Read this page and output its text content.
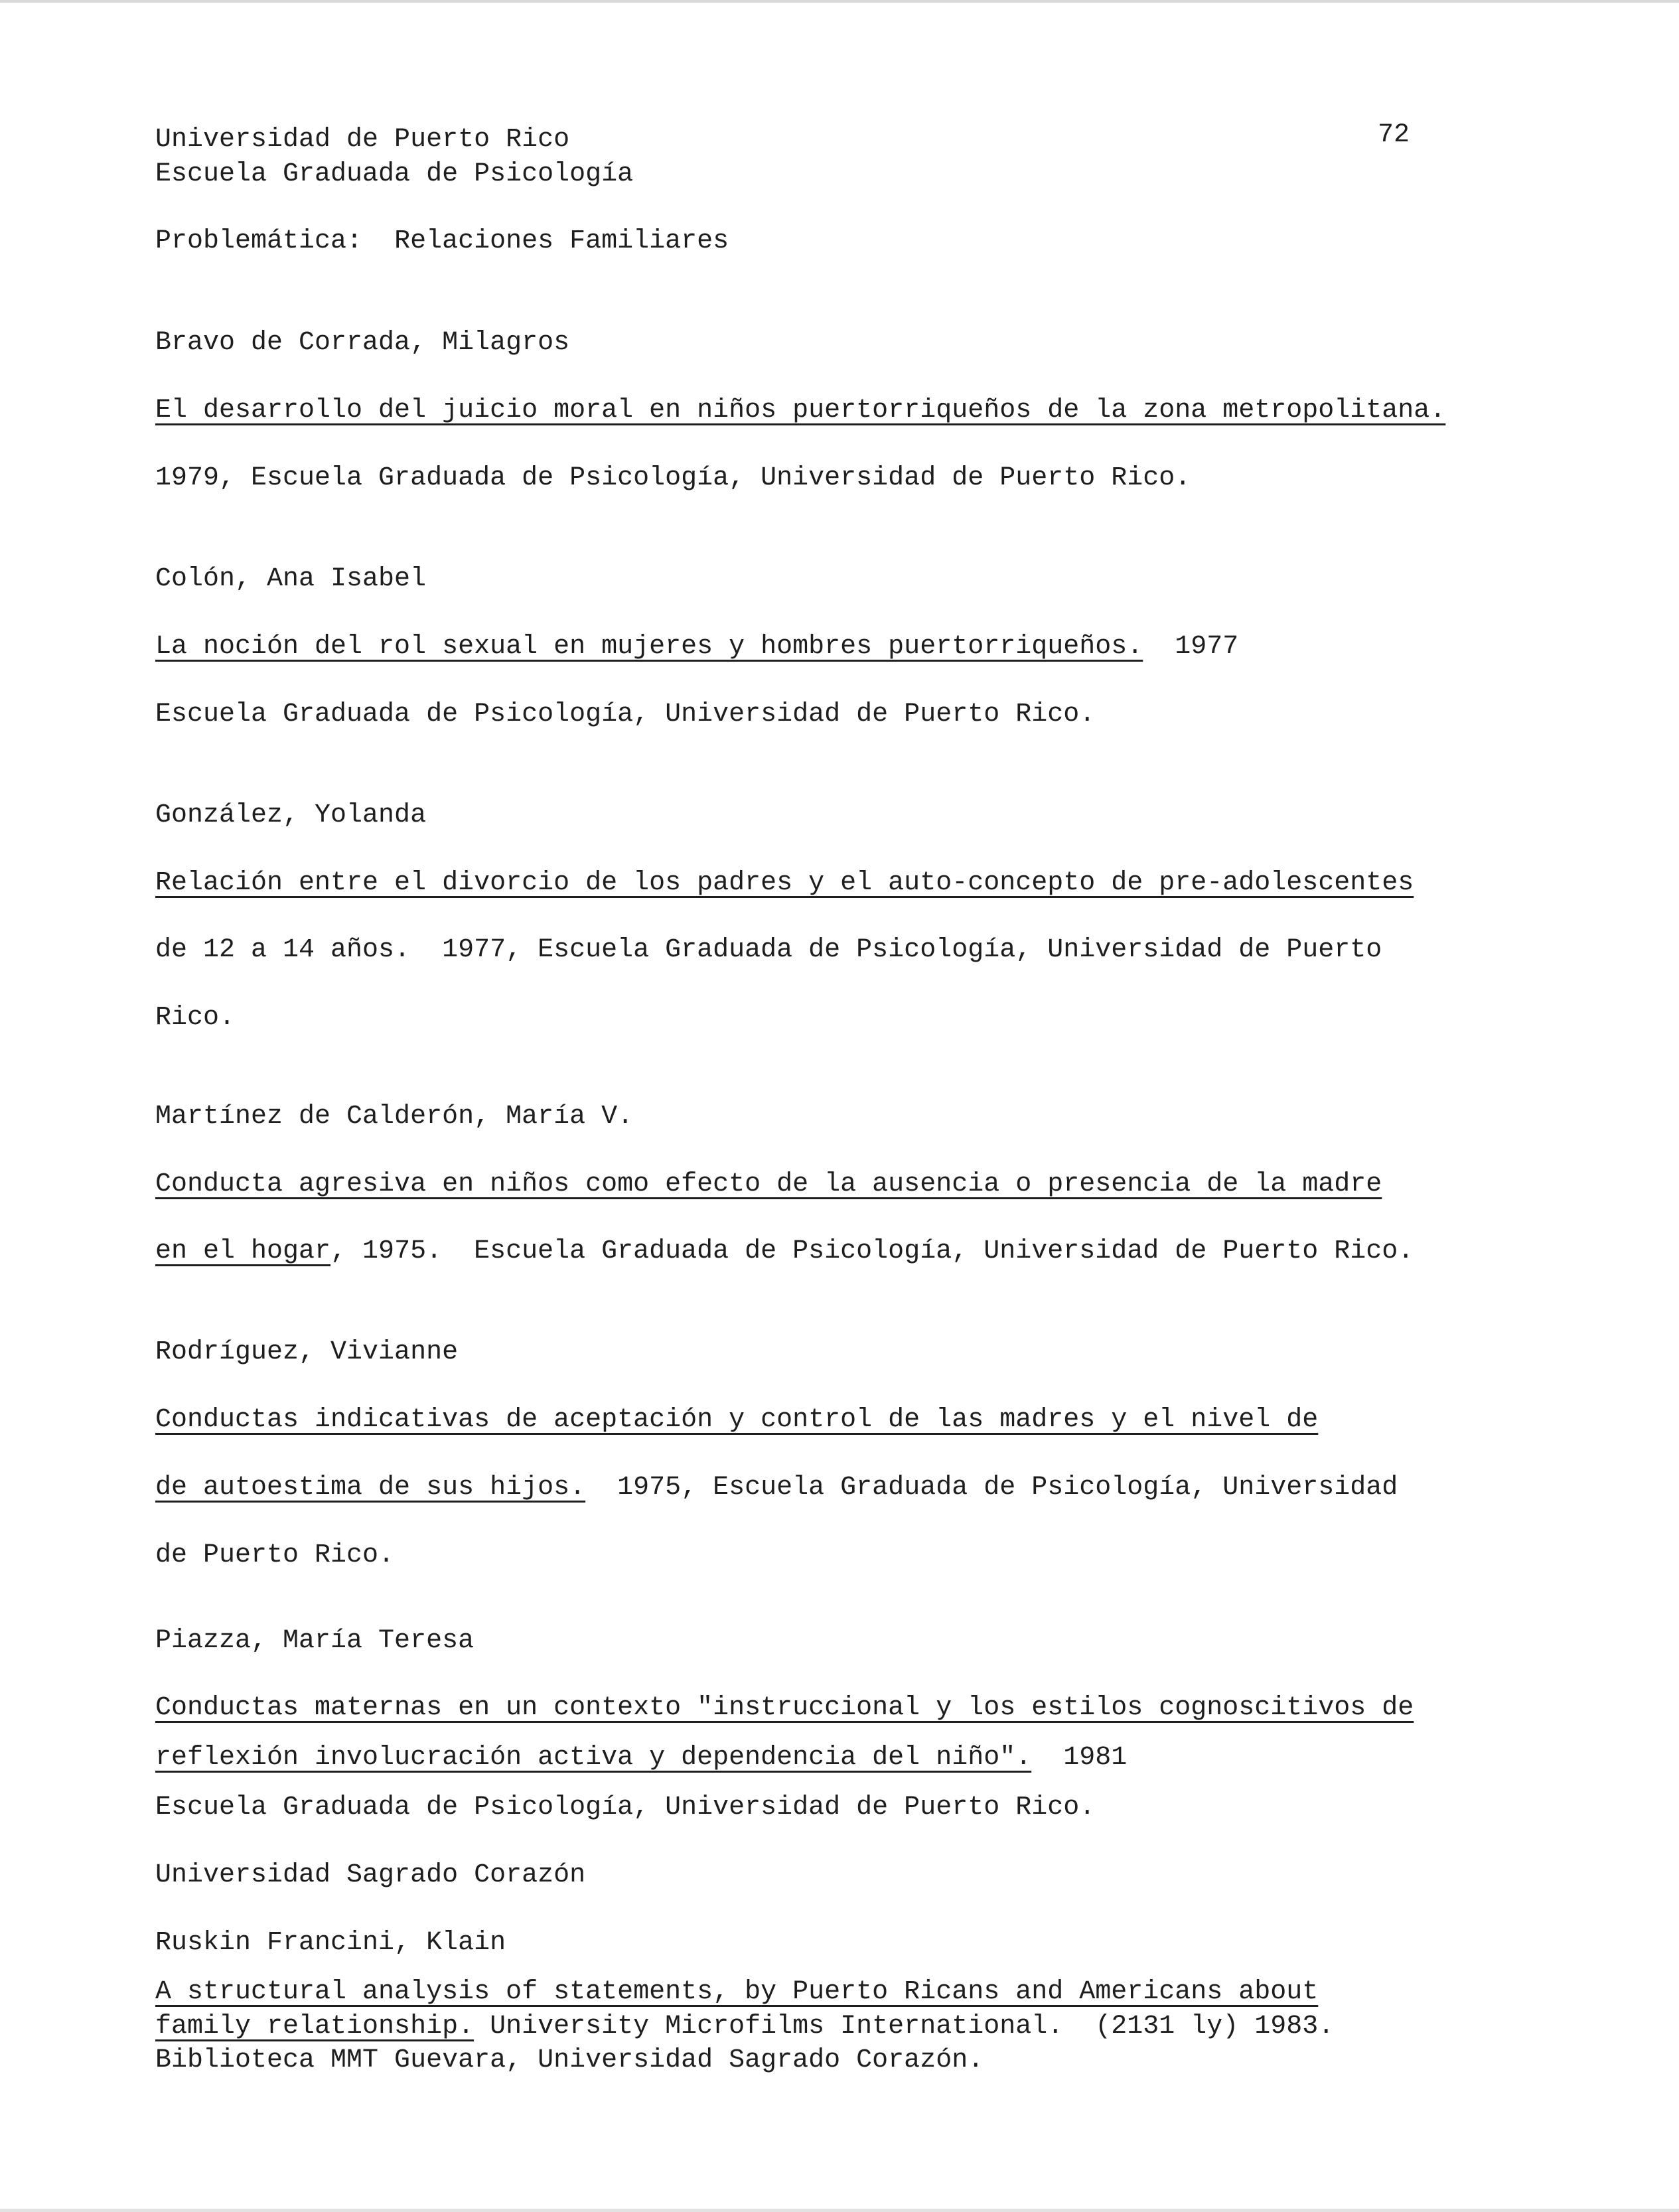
72
Universidad de Puerto Rico
Escuela Graduada de Psicología
Problemática: Relaciones Familiares
Bravo de Corrada, Milagros
El desarrollo del juicio moral en niños puertorriqueños de la zona metropolitana.
1979, Escuela Graduada de Psicología, Universidad de Puerto Rico.
Colón, Ana Isabel
La noción del rol sexual en mujeres y hombres puertorriqueños. 1977
Escuela Graduada de Psicología, Universidad de Puerto Rico.
González, Yolanda
Relación entre el divorcio de los padres y el auto-concepto de pre-adolescentes
de 12 a 14 años.  1977, Escuela Graduada de Psicología, Universidad de Puerto
Rico.
Martínez de Calderón, María V.
Conducta agresiva en niños como efecto de la ausencia o presencia de la madre
en el hogar, 1975.  Escuela Graduada de Psicología, Universidad de Puerto Rico.
Rodríguez, Vivianne
Conductas indicativas de aceptación y control de las madres y el nivel de
de autoestima de sus hijos.  1975, Escuela Graduada de Psicología, Universidad
de Puerto Rico.
Piazza, María Teresa
Conductas maternas en un contexto "instruccional y los estilos cognoscitivos de
reflexión involucración activa y dependencia del niño".  1981
Escuela Graduada de Psicología, Universidad de Puerto Rico.
Universidad Sagrado Corazón
Ruskin Francini, Klain
A structural analysis of statements, by Puerto Ricans and Americans about
family relationship. University Microfilms International.  (2131 ly) 1983.
Biblioteca MMT Guevara, Universidad Sagrado Corazón.
